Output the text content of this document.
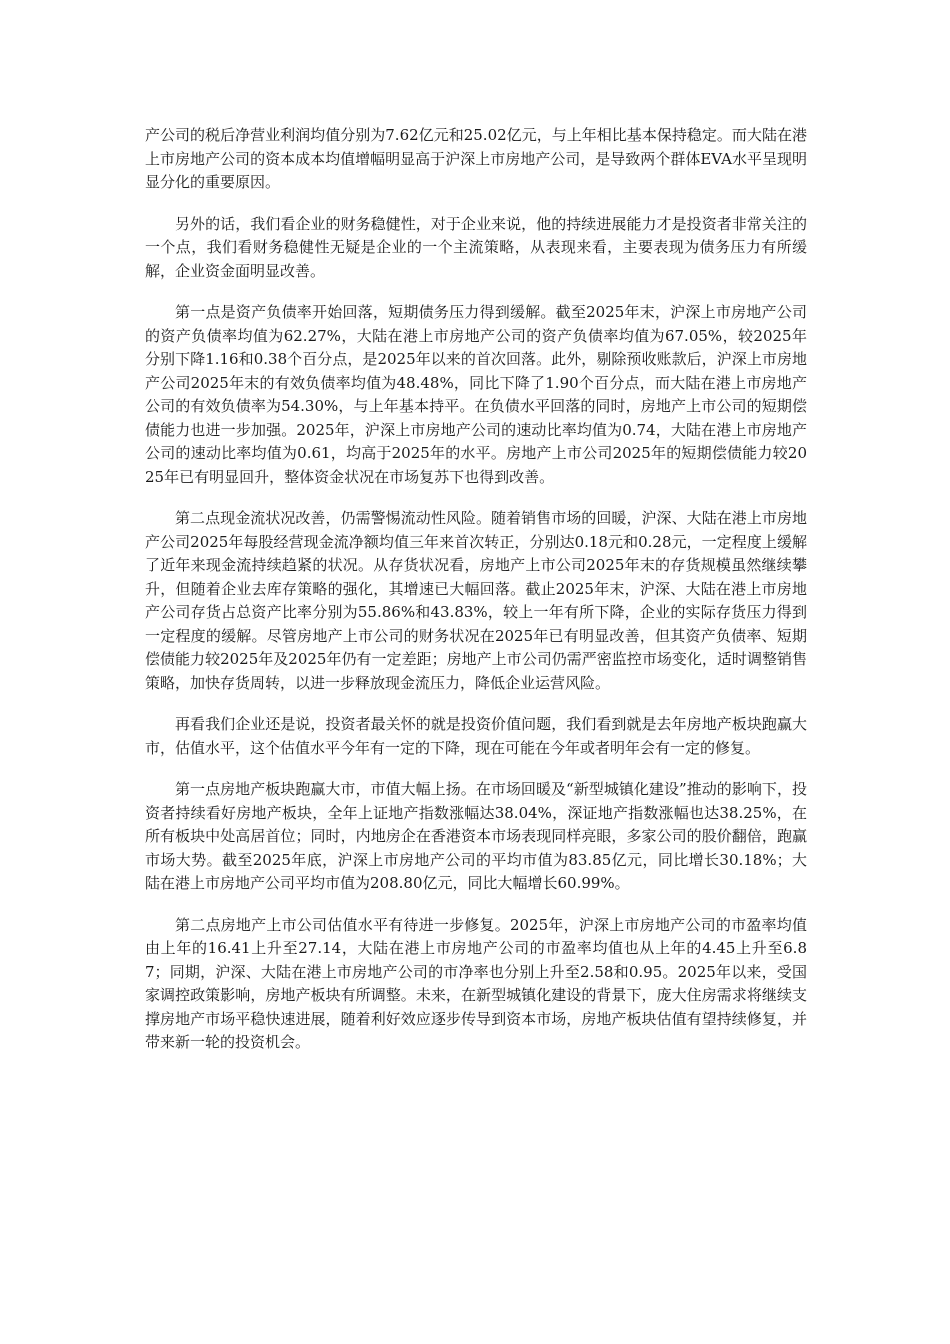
产公司的税后净营业利润均值分别为7.62亿元和25.02亿元，与上年相比基本保持稳定。而大陆在港上市房地产公司的资本成本均值增幅明显高于沪深上市房地产公司，是导致两个群体EVA水平呈现明显分化的重要原因。

另外的话，我们看企业的财务稳健性，对于企业来说，他的持续进展能力才是投资者非常关注的一个点，我们看财务稳健性无疑是企业的一个主流策略，从表现来看，主要表现为债务压力有所缓解，企业资金面明显改善。

第一点是资产负债率开始回落，短期债务压力得到缓解。截至2025年末，沪深上市房地产公司的资产负债率均值为62.27%，大陆在港上市房地产公司的资产负债率均值为67.05%，较2025年分别下降1.16和0.38个百分点，是2025年以来的首次回落。此外，剔除预收账款后，沪深上市房地产公司2025年末的有效负债率均值为48.48%，同比下降了1.90个百分点，而大陆在港上市房地产公司的有效负债率为54.30%，与上年基本持平。在负债水平回落的同时，房地产上市公司的短期偿债能力也进一步加强。2025年，沪深上市房地产公司的速动比率均值为0.74，大陆在港上市房地产公司的速动比率均值为0.61，均高于2025年的水平。房地产上市公司2025年的短期偿债能力较2025年已有明显回升，整体资金状况在市场复苏下也得到改善。

第二点现金流状况改善，仍需警惕流动性风险。随着销售市场的回暖，沪深、大陆在港上市房地产公司2025年每股经营现金流净额均值三年来首次转正，分别达0.18元和0.28元，一定程度上缓解了近年来现金流持续趋紧的状况。从存货状况看，房地产上市公司2025年末的存货规模虽然继续攀升，但随着企业去库存策略的强化，其增速已大幅回落。截止2025年末，沪深、大陆在港上市房地产公司存货占总资产比率分别为55.86%和43.83%，较上一年有所下降，企业的实际存货压力得到一定程度的缓解。尽管房地产上市公司的财务状况在2025年已有明显改善，但其资产负债率、短期偿债能力较2025年及2025年仍有一定差距；房地产上市公司仍需严密监控市场变化，适时调整销售策略，加快存货周转，以进一步释放现金流压力，降低企业运营风险。

再看我们企业还是说，投资者最关怀的就是投资价值问题，我们看到就是去年房地产板块跑赢大市，估值水平，这个估值水平今年有一定的下降，现在可能在今年或者明年会有一定的修复。

第一点房地产板块跑赢大市，市值大幅上扬。在市场回暖及“新型城镇化建设”推动的影响下，投资者持续看好房地产板块，全年上证地产指数涨幅达38.04%，深证地产指数涨幅也达38.25%，在所有板块中处高居首位；同时，内地房企在香港资本市场表现同样亮眼，多家公司的股价翻倍，跑赢市场大势。截至2025年底，沪深上市房地产公司的平均市值为83.85亿元，同比增长30.18%；大陆在港上市房地产公司平均市值为208.80亿元，同比大幅增长60.99%。

第二点房地产上市公司估值水平有待进一步修复。2025年，沪深上市房地产公司的市盈率均值由上年的16.41上升至27.14，大陆在港上市房地产公司的市盈率均值也从上年的4.45上升至6.87；同期，沪深、大陆在港上市房地产公司的市净率也分别上升至2.58和0.95。2025年以来，受国家调控政策影响，房地产板块有所调整。未来，在新型城镇化建设的背景下，庞大住房需求将继续支撑房地产市场平稳快速进展，随着利好效应逐步传导到资本市场，房地产板块估值有望持续修复，并带来新一轮的投资机会。
